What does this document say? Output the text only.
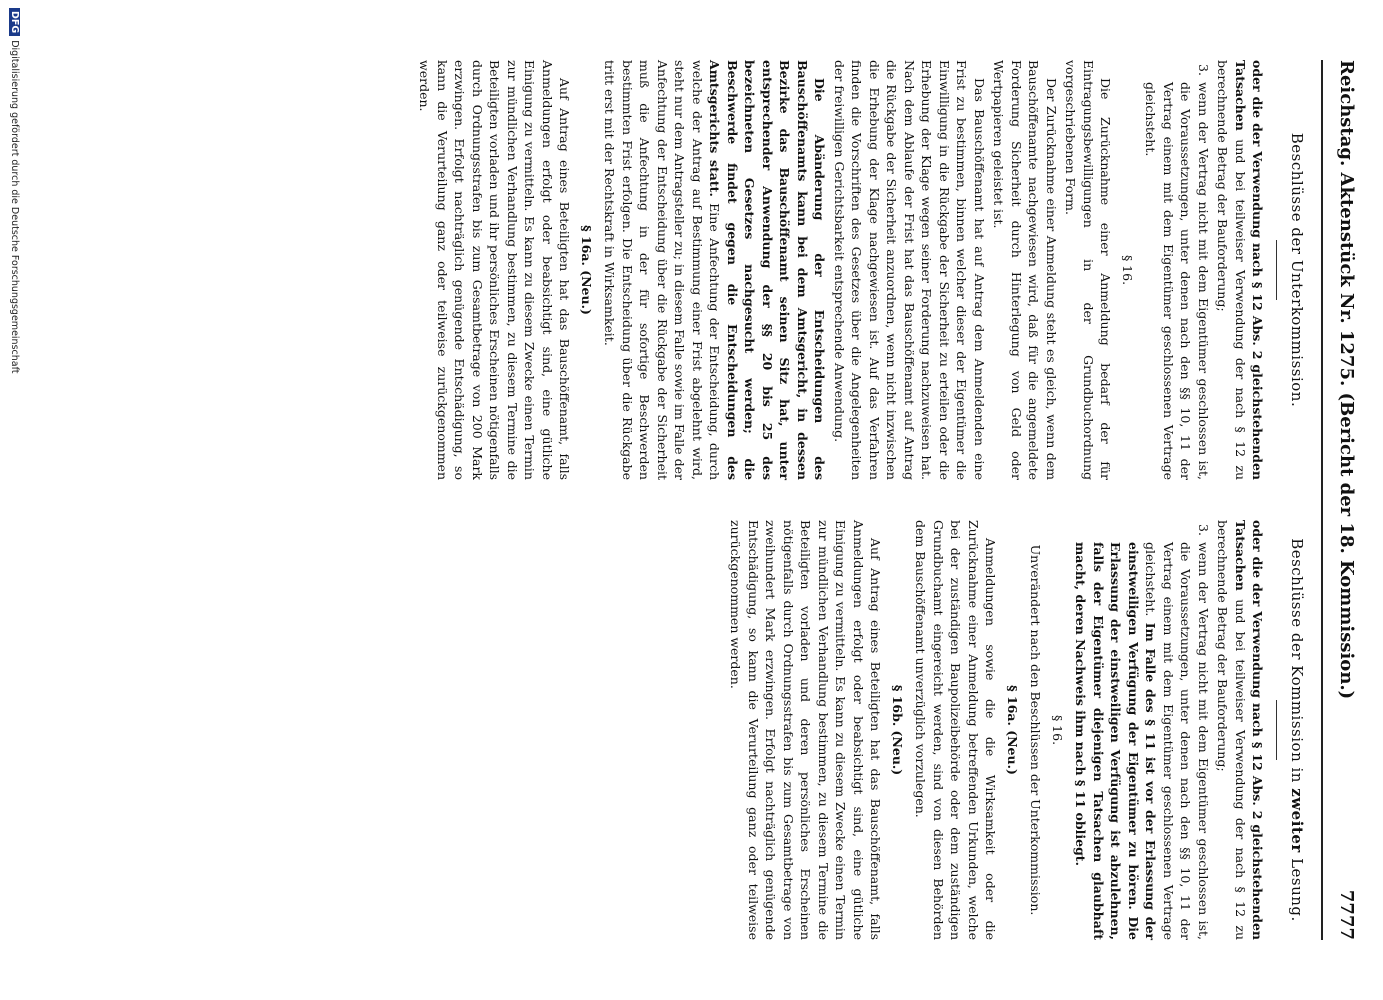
Reichstag. Aktenstück Nr. 1275. (Bericht der 18. Kommission.)
7777
Beschlüsse der Unterkommission.

oder die der Verwendung nach § 12 Abs. 2 gleichstehenden Tatsachen und bei teilweiser Verwendung der nach § 12 zu berechnende Betrag der Bauforderung;

3.
wenn der Vertrag nicht mit dem Eigentümer geschlossen ist, die Voraussetzungen, unter denen nach den §§ 10, 11 der Vertrag einem mit dem Eigentümer geschlossenen Vertrage gleichsteht.

§ 16.

Die Zurücknahme einer Anmeldung bedarf der für Eintragungsbewilligungen in der Grundbuchordnung vorgeschriebenen Form.

Der Zurücknahme einer Anmeldung steht es gleich, wenn dem Bauschöffenamte nachgewiesen wird, daß für die angemeldete Forderung Sicherheit durch Hinterlegung von Geld oder Wertpapieren geleistet ist.

Das Bauschöffenamt hat auf Antrag dem Anmeldenden eine Frist zu bestimmen, binnen welcher dieser der Eigentümer die Einwilligung in die Rückgabe der Sicherheit zu erteilen oder die Erhebung der Klage wegen seiner Forderung nachzuweisen hat. Nach dem Ablaufe der Frist hat das Bauschöffenamt auf Antrag die Rückgabe der Sicherheit anzuordnen, wenn nicht inzwischen die Erhebung der Klage nachgewiesen ist. Auf das Verfahren finden die Vorschriften des Gesetzes über die Angelegenheiten der freiwilligen Gerichtsbarkeit entsprechende Anwendung.

Die Abänderung der Entscheidungen des Bauschöffenamts kann bei dem Amtsgericht, in dessen Bezirke das Bauschöffenamt seinen Sitz hat, unter entsprechender Anwendung der §§ 20 bis 25 des bezeichneten Gesetzes nachgesucht werden; die Beschwerde findet gegen die Entscheidungen des Amtsgerichts statt. Eine Anfechtung der Entscheidung, durch welche der Antrag auf Bestimmung einer Frist abgelehnt wird, steht nur dem Antragsteller zu; in diesem Falle sowie im Falle der Anfechtung der Entscheidung über die Rückgabe der Sicherheit muß die Anfechtung in der für sofortige Beschwerden bestimmten Frist erfolgen. Die Entscheidung über die Rückgabe tritt erst mit der Rechtskraft in Wirksamkeit.

§ 16a. (Neu.)

Auf Antrag eines Beteiligten hat das Bauschöffenamt, falls Anmeldungen erfolgt oder beabsichtigt sind, eine gütliche Einigung zu vermitteln. Es kann zu diesem Zwecke einen Termin zur mündlichen Verhandlung bestimmen, zu diesem Termine die Beteiligten vorladen und ihr persönliches Erscheinen nötigenfalls durch Ordnungsstrafen bis zum Gesamtbetrage von 200 Mark erzwingen. Erfolgt nachträglich genügende Entschädigung, so kann die Verurteilung ganz oder teilweise zurückgenommen werden.

Beschlüsse der Kommission in zweiter Lesung.

oder die der Verwendung nach § 12 Abs. 2 gleichstehenden Tatsachen und bei teilweiser Verwendung der nach § 12 zu berechnende Betrag der Bauforderung;

3.
wenn der Vertrag nicht mit dem Eigentümer geschlossen ist, die Voraussetzungen, unter denen nach den §§ 10, 11 der Vertrag einem mit dem Eigentümer geschlossenen Vertrage gleichsteht. Im Falle des § 11 ist vor der Erlassung der einstweiligen Verfügung der Eigentümer zu hören. Die Erlassung der einstweiligen Verfügung ist abzulehnen, falls der Eigentümer diejenigen Tatsachen glaubhaft macht, deren Nachweis ihm nach § 11 obliegt.

§ 16.

Unverändert nach den Beschlüssen der Unterkommission.

§ 16a. (Neu.)

Anmeldungen sowie die die Wirksamkeit oder die Zurücknahme einer Anmeldung betreffenden Urkunden, welche bei der zuständigen Baupolizeibehörde oder dem zuständigen Grundbuchamt eingereicht werden, sind von diesen Behörden dem Bauschöffenamt unverzüglich vorzulegen.

§ 16b. (Neu.)

Auf Antrag eines Beteiligten hat das Bauschöffenamt, falls Anmeldungen erfolgt oder beabsichtigt sind, eine gütliche Einigung zu vermitteln. Es kann zu diesem Zwecke einen Termin zur mündlichen Verhandlung bestimmen, zu diesem Termine die Beteiligten vorladen und deren persönliches Erscheinen nötigenfalls durch Ordnungsstrafen bis zum Gesamtbetrage von zweihundert Mark erzwingen. Erfolgt nachträglich genügende Entschädigung, so kann die Verurteilung ganz oder teilweise zurückgenommen werden.

DFGDigitalisierung gefördert durch die Deutsche Forschungsgemeinschaft
